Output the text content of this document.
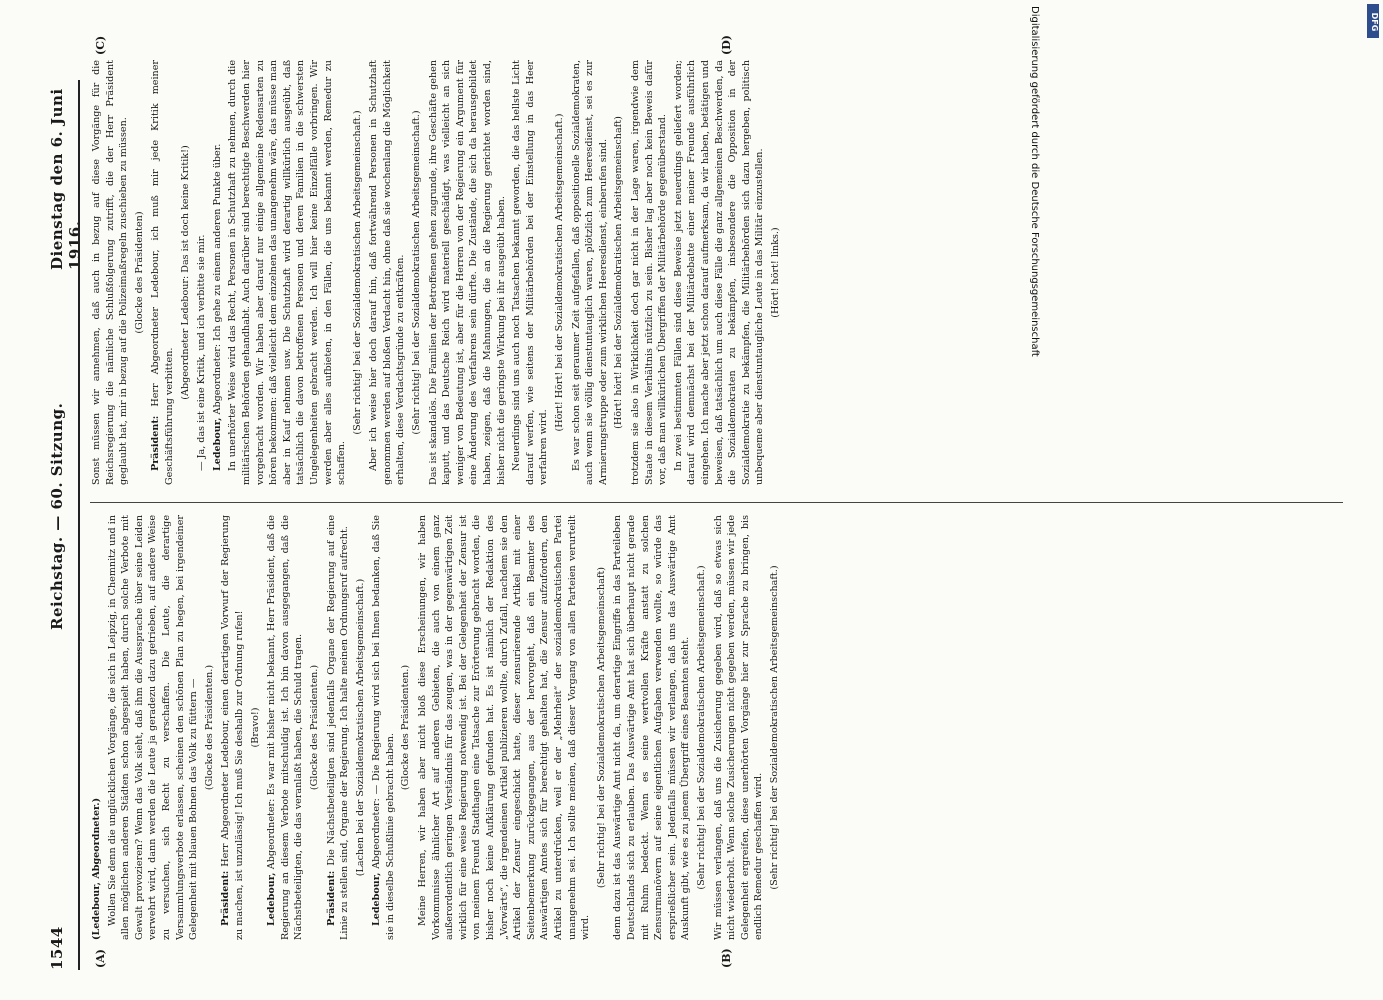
1544
Reichstag. — 60. Sitzung.
Dienstag den 6. Juni 1916.
(A)	(B)
(C)	(D)

(Ledebour, Abgeordneter.) Wollen Sie denn die unglücklichen Vorgänge, die sich in Leipzig, in Chemnitz und in allen möglichen anderen Städten schon abgespielt haben, durch solche Verbote mit Gewalt provozieren? Wenn das Volk sieht, daß ihm die Aussprache über seine Leiden verwehrt wird, dann werden die Leute ja geradezu dazu getrieben, auf andere Weise zu versuchen, sich Recht zu verschaffen. Die Leute, die derartige Versammlungsverbote erlassen, scheinen den schönen Plan zu hegen, bei irgendeiner Gelegenheit mit blauen Bohnen das Volk zu füttern — (Glocke des Präsidenten.)

Präsident: Herr Abgeordneter Ledebour, einen derartigen Vorwurf der Regierung zu machen, ist unzulässig! Ich muß Sie deshalb zur Ordnung rufen! (Bravo!)

Ledebour, Abgeordneter: Es war mit bisher nicht bekannt, Herr Präsident, daß die Regierung an diesem Verbote mitschuldig ist. Ich bin davon ausgegangen, daß die Nächstbeteiligten, die das veranlaßt haben, die Schuld tragen. (Glocke des Präsidenten.)

Präsident: Die Nächstbeteiligten sind jedenfalls Organe der Regierung auf eine Linie zu stellen sind, Organe der Regierung. Ich halte meinen Ordnungsruf aufrecht. (Lachen bei der Sozialdemokratischen Arbeitsgemeinschaft.)

Ledebour, Abgeordneter: — Die Regierung wird sich bei Ihnen bedanken, daß Sie sie in dieselbe Schußlinie gebracht haben.

(Glocke des Präsidenten.) Meine Herren, wir haben aber nicht bloß diese Erscheinungen, wir haben Vorkommnisse ähnlicher Art auf anderen Gebieten, die auch von einem ganz außerordentlich geringen Verständnis für das zeugen, was in der gegenwärtigen Zeit wirklich für eine weise Regierung notwendig ist. Bei der Gelegenheit der Zensur ist von meinem Freund Stadthagen eine Tatsache zur Erörterung gebracht worden, die bisher noch keine Aufklärung gefunden hat. Es ist nämlich der Redaktion des „Vorwärts“, die irgendeinen Artikel publizieren wollte, durch Zufall, nachdem sie den Artikel der Zensur eingeschickt hatte, dieser zensurierende Artikel mit einer Seitenbemerkung zurückgegangen, aus der hervorgeht, daß ein Beamter des Auswärtigen Amtes sich für berechtigt gehalten hat, die Zensur aufzufordern, den Artikel zu unterdrücken, weil er der „Mehrheit“ der sozialdemokratischen Partei unangenehm sei. Ich sollte meinen, daß dieser Vorgang von allen Parteien verurteilt wird.

(Sehr richtig! bei der Sozialdemokratischen Arbeitsgemeinschaft) denn dazu ist das Auswärtige Amt nicht da, um derartige Eingriffe in das Parteileben Deutschlands sich zu erlauben. Das Auswärtige Amt hat sich überhaupt nicht gerade mit Ruhm bedeckt. Wenn es seine wertvollen Kräfte anstatt zu solchen Zensurmanövern auf seine eigentlichen Aufgaben verwenden wollte, so würde das ersprießlicher sein. Jedenfalls müssen wir verlangen, daß uns das Auswärtige Amt Auskunft gibt, wie es zu jenem Übergriff eines Beamten steht. (Sehr richtig! bei der Sozialdemokratischen Arbeitsgemeinschaft.) Wir müssen verlangen, daß uns die Zusicherung gegeben wird, daß so etwas sich nicht wiederholt. Wenn solche Zusicherungen nicht gegeben werden, müssen wir jede Gelegenheit ergreifen, diese unerhörten Vorgänge hier zur Sprache zu bringen, bis endlich Remedur geschaffen wird. (Sehr richtig! bei der Sozialdemokratischen Arbeitsgemeinschaft.)

Sonst müssen wir annehmen, daß auch in bezug auf diese Vorgänge für die Reichsregierung die nämliche Schlußfolgerung zutrifft, die der Herr Präsident geglaubt hat, mir in bezug auf die Polizeimaßregeln zuschieben zu müssen. (Glocke des Präsidenten)

Präsident: Herr Abgeordneter Ledebour, ich muß mir jede Kritik meiner Geschäftsführung verbitten.

(Abgeordneter Ledebour: Das ist doch keine Kritik!) — Ja, das ist eine Kritik, und ich verbitte sie mir. Ledebour, Abgeordneter: Ich gehe zu einem anderen Punkte über. In unerhörter Weise wird das Recht, Personen in Schutzhaft zu nehmen, durch die militärischen Behörden gehandhabt. Auch darüber sind berechtigte Beschwerden hier vorgebracht worden. Wir haben aber darauf nur einige allgemeine Redensarten zu hören bekommen: daß vielleicht dem einzelnen das unangenehm wäre, das müsse man aber in Kauf nehmen usw. Die Schutzhaft wird derartig willkürlich ausgeübt, daß tatsächlich die davon betroffenen Personen und deren Familien in die schwersten Ungelegenheiten gebracht werden. Ich will hier keine Einzelfälle vorbringen. Wir werden aber alles aufbieten, in den Fällen, die uns bekannt werden, Remedur zu schaffen.

(Sehr richtig! bei der Sozialdemokratischen Arbeitsgemeinschaft.) Aber ich weise hier doch darauf hin, daß fortwährend Personen in Schutzhaft genommen werden auf bloßen Verdacht hin, ohne daß sie wochenlang die Möglichkeit erhalten, diese Verdachtsgründe zu entkräften. (Sehr richtig! bei der Sozialdemokratischen Arbeitsgemeinschaft.) Das ist skandalös. Die Familien der Betroffenen gehen zugrunde, ihre Geschäfte gehen kaputt, und das Deutsche Reich wird materiell geschädigt, was vielleicht an sich weniger von Bedeutung ist, aber für die Herren von der Regierung ein Argument für eine Änderung des Verfahrens sein dürfte. Die Zustände, die sich da herausgebildet haben, zeigen, daß die Mahnungen, die an die Regierung gerichtet worden sind, bisher nicht die geringste Wirkung bei ihr ausgeübt haben. Neuerdings sind uns auch noch Tatsachen bekannt geworden, die das hellste Licht darauf werfen, wie seitens der Militärbehörden bei der Einstellung in das Heer verfahren wird.

(Hört! Hört! bei der Sozialdemokratischen Arbeitsgemeinschaft.) Es war schon seit geraumer Zeit aufgefallen, daß oppositionelle Sozialdemokraten, auch wenn sie völlig dienstuntauglich waren, plötzlich zum Heeresdienst, sei es zur Armierungstruppe oder zum wirklichen Heeresdienst, einberufen sind. (Hört! hört! bei der Sozialdemokratischen Arbeitsgemeinschaft) trotzdem sie also in Wirklichkeit doch gar nicht in der Lage waren, irgendwie dem Staate in diesem Verhältnis nützlich zu sein. Bisher lag aber noch kein Beweis dafür vor, daß man willkürlichen Übergriffen der Militärbehörde gegenüberstand. In zwei bestimmten Fällen sind diese Beweise jetzt neuerdings geliefert worden; darauf wird demnächst bei der Militärdebatte einer meiner Freunde ausführlich eingehen. Ich mache aber jetzt schon darauf aufmerksam, da wir haben, betätigen und beweisen, daß tatsächlich um auch diese Fälle die ganz allgemeinen Beschwerden, da die Sozialdemokraten zu bekämpfen, insbesondere die Opposition in der Sozialdemokratie zu bekämpfen, die Militärbehörden sich dazu hergeben, politisch unbequeme aber dienstuntaugliche Leute in das Militär einzustellen. (Hört! hört! links.)	Digitalisierung gefördert durch die Deutsche Forschungsgemeinschaft	DFG
